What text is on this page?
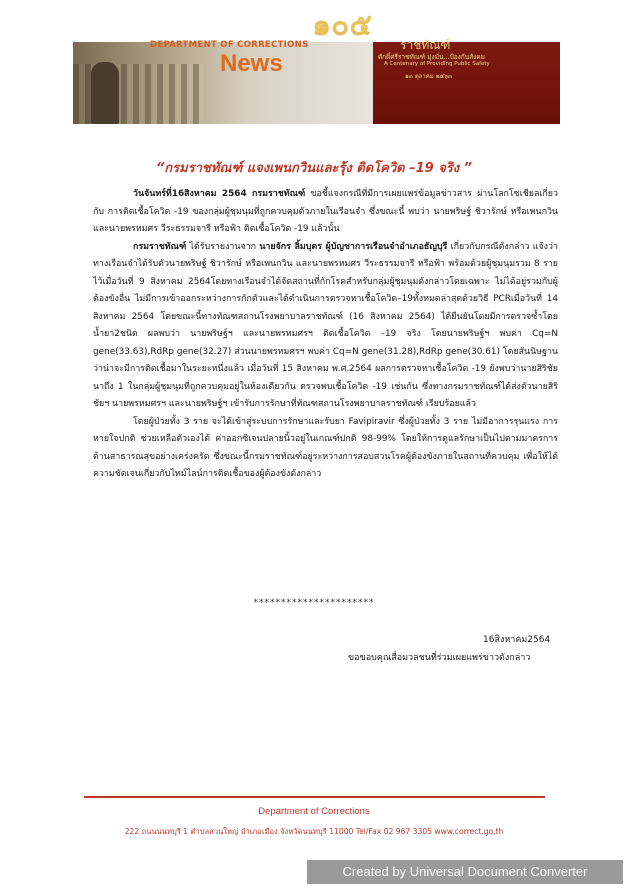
DEPARTMENT OF CORRECTIONS
News
๑๐๕
ราชทัณฑ์
ศักดิ์ศรีราชทัณฑ์ มุ่งมั่น...ป้องกันสังคม
A Centenary of Providing Public Safety
๑๓ ตุลาคม ๒๕๖๓
“กรมราชทัณฑ์ แจงเพนกวินและรุ้ง ติดโควิด –19 จริง ”

วันจันทร์ที่16สิงหาคม 2564 กรมราชทัณฑ์ ขอชี้แจงกรณีที่มีการเผยแพร่ข้อมูลข่าวสาร ผ่านโลกโซเชียลเกี่ยวกับ การติดเชื้อโควิด -19 ของกลุ่มผู้ชุมนุมที่ถูกควบคุมตัวภายในเรือนจำ ซึ่งขณะนี้ พบว่า นายพริษฐ์ ชิวารักษ์ หรือเพนกวิน และนายพรหมศร วีระธรรมจารี หรือฟ้า ติดเชื้อโควิด -19 แล้วนั้น

กรมราชทัณฑ์ ได้รับรายงานจาก นายจักร ลิ้มบุตร ผู้บัญชาการเรือนจำอำเภอธัญบุรี เกี่ยวกับกรณีดังกล่าว แจ้งว่า ทางเรือนจำได้รับตัวนายพริษฐ์ ชิวารักษ์ หรือเพนกวิน และนายพรหมศร วีระธรรมจารี หรือฟ้า พร้อมด้วยผู้ชุมนุมรวม 8 ราย ไว้เมื่อวันที่ 9 สิงหาคม 2564โดยทางเรือนจำได้จัดสถานที่กักโรคสำหรับกลุ่มผู้ชุมนุมดังกล่าวโดยเฉพาะ ไม่ได้อยู่รวมกับผู้ต้องขังอื่น ไม่มีการเข้าออกระหว่างการกักตัวและได้ดำเนินการตรวจหาเชื้อโควิด–19ทั้งหมดล่าสุดด้วยวิธี PCRเมื่อวันที่ 14 สิงหาคม 2564 โดยขณะนี้ทางทัณฑสถานโรงพยาบาลราชทัณฑ์ (16 สิงหาคม 2564) ได้ยืนยันโดยมีการตรวจซ้ำโดยน้ำยา2ชนิด ผลพบว่า นายพริษฐ์ฯ และนายพรหมศรฯ ติดเชื้อโควิด –19 จริง โดยนายพริษฐ์ฯ พบค่า Cq=N gene(33.63),RdRp gene(32.27) ส่วนนายพรหมศรฯ พบค่า Cq=N gene(31.28),RdRp gene(30.61) โดยสันนิษฐานว่าน่าจะมีการติดเชื้อมาในระยะหนึ่งแล้ว เมื่อวันที่ 15 สิงหาคม พ.ศ.2564 ผลการตรวจหาเชื้อโควิด -19 ยังพบว่านายสิริชัย นาถึง 1 ในกลุ่มผู้ชุมนุมที่ถูกควบคุมอยู่ในห้องเดียวกัน ตรวจพบเชื้อโควิด -19 เช่นกัน ซึ่งทางกรมราชทัณฑ์ได้ส่งตัวนายสิริชัยฯ นายพรหมศรฯ และนายพริษฐ์ฯ เข้ารับการรักษาที่ทัณฑสถานโรงพยาบาลราชทัณฑ์ เรียบร้อยแล้ว

โดยผู้ป่วยทั้ง 3 ราย จะได้เข้าสู่ระบบการรักษาและรับยา Favipiravir ซึ่งผู้ป่วยทั้ง 3 ราย ไม่มีอาการรุนแรง การหายใจปกติ ช่วยเหลือตัวเองได้ ค่าออกซิเจนปลายนิ้วอยู่ในเกณฑ์ปกติ 98-99% โดยให้การดูแลรักษาเป็นไปตามมาตรการด้านสาธารณสุขอย่างเคร่งครัด ซึ่งขณะนี้กรมราชทัณฑ์อยู่ระหว่างการสอบสวนโรคผู้ต้องขังภายในสถานที่ควบคุม เพื่อให้ได้ความชัดเจนเกี่ยวกับไทม์ไลน์การติดเชื้อของผู้ต้องขังดังกล่าว

**********************
16สิงหาคม2564
ขอขอบคุณสื่อมวลชนที่ร่วมเผยแพร่ข่าวดังกล่าว
Department of Corrections
222 ถนนนนทบุรี 1 ตำบลสวนใหญ่ อำเภอเมือง จังหวัดนนทบุรี 11000 Tel/Fax 02 967 3305 www.correct.go.th
Created by Universal Document Converter
